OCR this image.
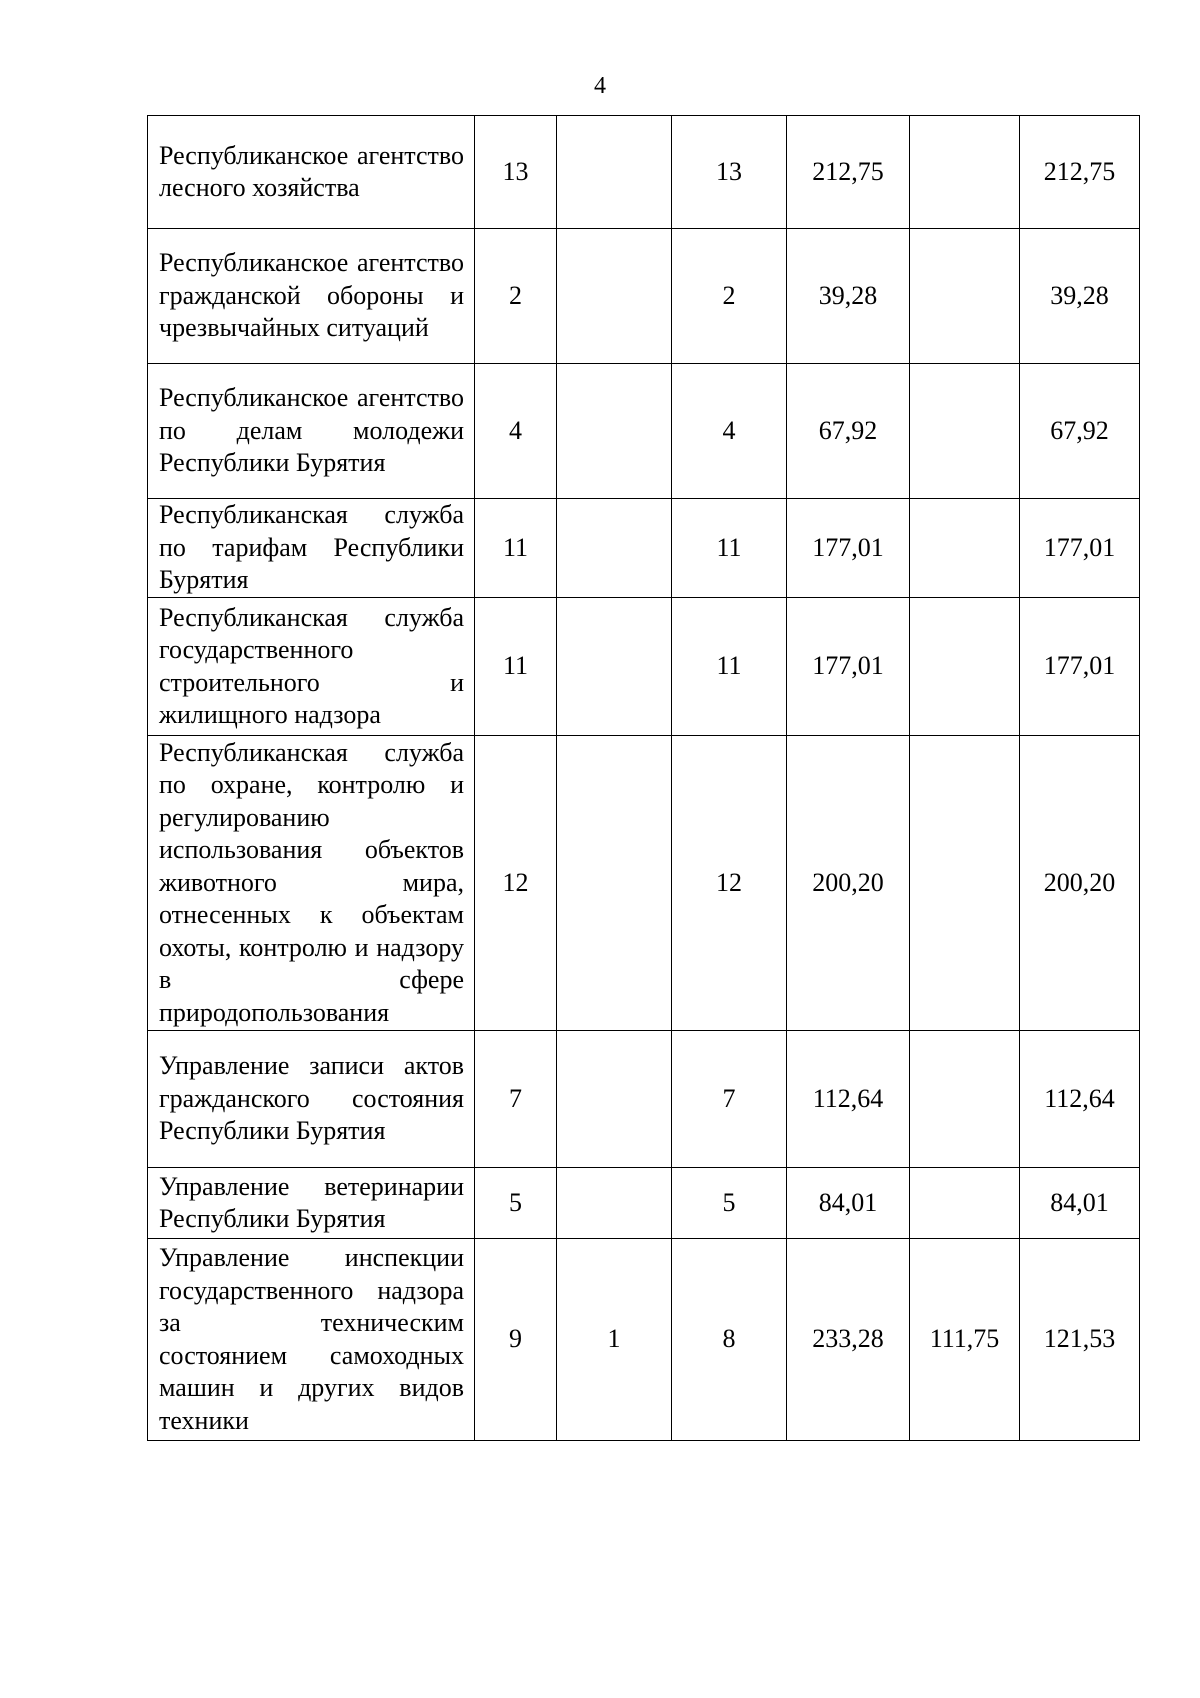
4
Республиканское агентство лесного хозяйства	13		13	212,75		212,75
Республиканское агентство гражданской обороны и чрезвычайных ситуаций	2		2	39,28		39,28
Республиканское агентство по делам молодежи Республики Бурятия	4		4	67,92		67,92
Республиканская служба по тарифам Республики Бурятия	11		11	177,01		177,01
Республиканская служба государственного строительного и жилищного надзора	11		11	177,01		177,01
Республиканская служба по охране, контролю и регулированию использования объектов животного мира, отнесенных к объектам охоты, контролю и надзору в сфере природопользования	12		12	200,20		200,20
Управление записи актов гражданского состояния Республики Бурятия	7		7	112,64		112,64
Управление ветеринарии Республики Бурятия	5		5	84,01		84,01
Управление инспекции государственного надзора за техническим состоянием самоходных машин и других видов техники	9	1	8	233,28	111,75	121,53
